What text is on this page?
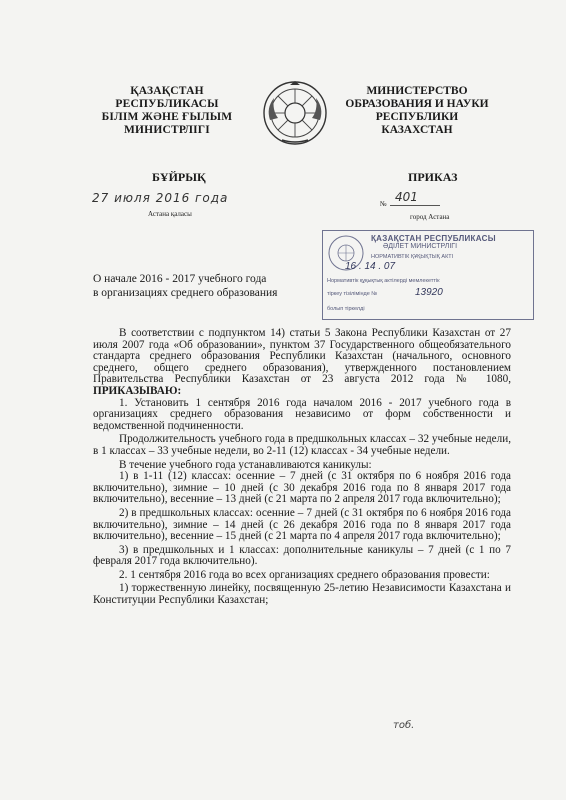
ҚАЗАҚСТАН
РЕСПУБЛИКАСЫ
БІЛІМ ЖӘНЕ ҒЫЛЫМ
МИНИСТРЛІГІ
МИНИСТЕРСТВО
ОБРАЗОВАНИЯ И НАУКИ
РЕСПУБЛИКИ
КАЗАХСТАН
БҰЙРЫҚ	ПРИКАЗ
27 июля 2016 года
Астана қаласы
№ 401
город Астана
ҚАЗАҚСТАН РЕСПУБЛИКАСЫ
ӘДІЛЕТ МИНИСТРЛІГІ
НОРМАТИВТІК ҚҰҚЫҚТЫҚ АКТІ
16 . 14 . 07
Нормативтік құқықтық актілерді мемлекеттік
тіркеу тізілімінде №	13920
болып тіркелді
О начале 2016 - 2017 учебного года
в организациях среднего образования

В соответствии с подпунктом 14) статьи 5 Закона Республики Казахстан от 27 июля 2007 года «Об образовании», пунктом 37 Государственного общеобязательного стандарта среднего образования Республики Казахстан (начального, основного среднего, общего среднего образования), утвержденного постановлением Правительства Республики Казахстан от 23 августа 2012 года № 1080, ПРИКАЗЫВАЮ:

1. Установить 1 сентября 2016 года началом 2016 - 2017 учебного года в организациях среднего образования независимо от форм собственности и ведомственной подчиненности.

Продолжительность учебного года в предшкольных классах – 32 учебные недели, в 1 классах – 33 учебные недели, во 2-11 (12) классах - 34 учебные недели.

В течение учебного года устанавливаются каникулы:

1) в 1-11 (12) классах: осенние – 7 дней (с 31 октября по 6 ноября 2016 года включительно), зимние – 10 дней (с 30 декабря 2016 года по 8 января 2017 года включительно), весенние – 13 дней (с 21 марта по 2 апреля 2017 года включительно);

2) в предшкольных классах: осенние – 7 дней (с 31 октября по 6 ноября 2016 года включительно), зимние – 14 дней (с 26 декабря 2016 года по 8 января 2017 года включительно), весенние – 15 дней (с 21 марта по 4 апреля 2017 года включительно);

3) в предшкольных и 1 классах: дополнительные каникулы – 7 дней (с 1 по 7 февраля 2017 года включительно).

2. 1 сентября 2016 года во всех организациях среднего образования провести:

1) торжественную линейку, посвященную 25-летию Независимости Казахстана и Конституции Республики Казахстан;

тоб.
